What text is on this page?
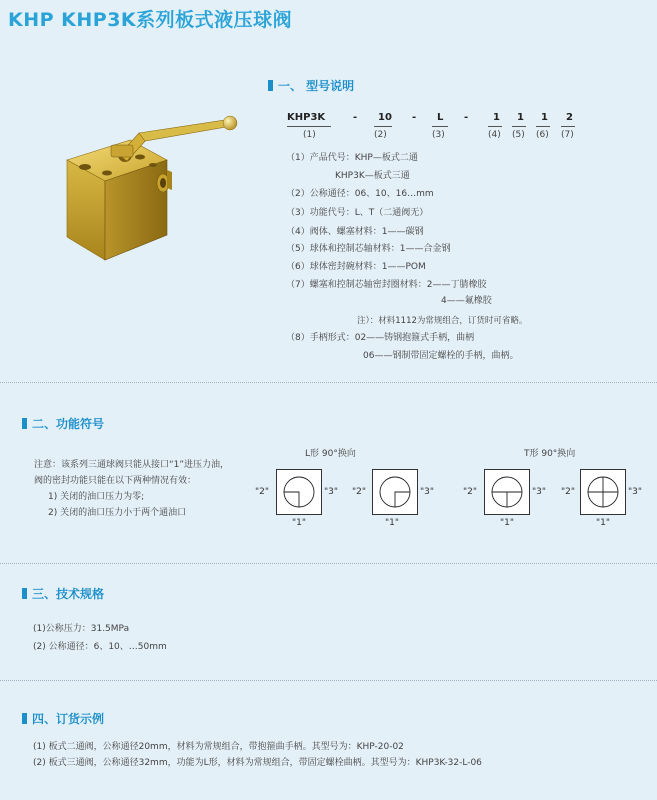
KHP KHP3K系列板式液压球阀
一、 型号说明
KHP3K	- 10 - L - 1 1 1 2
(1)	(2)	(3)	(4) (5) (6) (7)
（1）产品代号：KHP—板式二通
KHP3K—板式三通
（2）公称通径：06、10、16…mm
（3）功能代号：L、T（二通阀无）
（4）阀体、螺塞材料：1——碳钢
（5）球体和控制芯轴材料：1——合金钢
（6）球体密封碗材料：1——POM
（7）螺塞和控制芯轴密封圈材料：2——丁腈橡胶
4——氟橡胶
注）：材料1112为常规组合，订货时可省略。
（8）手柄形式：02——铸钢抱箍式手柄，曲柄
06——钢制带固定螺栓的手柄，曲柄。
二、功能符号
注意：该系列三通球阀只能从接口“1”进压力油，
阀的密封功能只能在以下两种情况有效：
1) 关闭的油口压力为零;
2) 关闭的油口压力小于两个通油口
L形 90°换向	T形 90°换向
"2"	"3"
"1"
"2"	"3"
"1"
"2"	"3"
"1"
"2"	"3"
"1"
三、技术规格
(1)公称压力：31.5MPa
(2) 公称通径：6、10、…50mm
四、订货示例
(1) 板式二通阀，公称通径20mm，材料为常规组合，带抱箍曲手柄。其型号为：KHP-20-02
(2) 板式三通阀，公称通径32mm，功能为L形，材料为常规组合，带固定螺栓曲柄。其型号为：KHP3K-32-L-06
